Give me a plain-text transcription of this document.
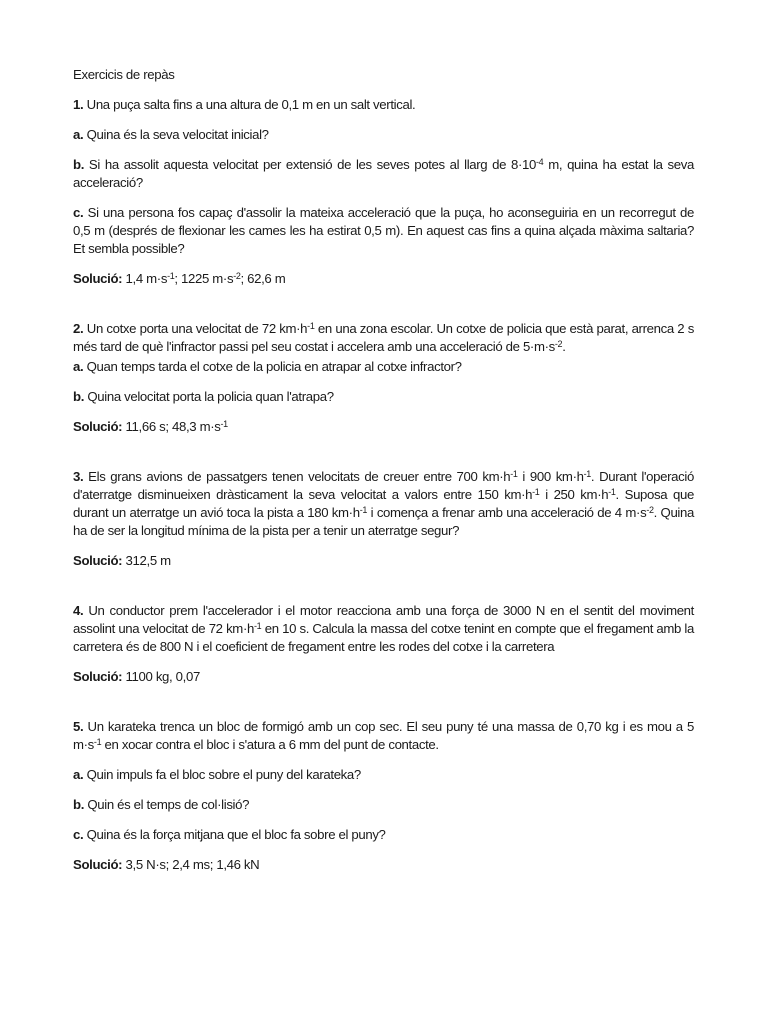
Exercicis de repàs

1. Una puça salta fins a una altura de 0,1 m en un salt vertical.

a. Quina és la seva velocitat inicial?

b. Si ha assolit aquesta velocitat per extensió de les seves potes al llarg de $8\cdot 10^{-4}$ m, quina ha estat la seva acceleració?

c. Si una persona fos capaç d'assolir la mateixa acceleració que la puça, ho aconseguiria en un recorregut de 0,5 m (després de flexionar les cames les ha estirat 0,5 m). En aquest cas fins a quina alçada màxima saltaria? Et sembla possible?

Solució: 1,4 $m\cdot s^{-1}$; 1225 $m\cdot s^{-2}$; 62,6 m

2. Un cotxe porta una velocitat de 72 $km\cdot h^{-1}$ en una zona escolar. Un cotxe de policia que està parat, arrenca 2 s més tard de què l'infractor passi pel seu costat i accelera amb una acceleració de $5\cdot m\cdot s^{-2}$.

a. Quan temps tarda el cotxe de la policia en atrapar al cotxe infractor?

b. Quina velocitat porta la policia quan l'atrapa?

Solució: 11,66 s; 48,3 $m\cdot s^{-1}$

3. Els grans avions de passatgers tenen velocitats de creuer entre 700 $km\cdot h^{-1}$ i 900 $km\cdot h^{-1}$. Durant l'operació d'aterratge disminueixen dràsticament la seva velocitat a valors entre 150 $km\cdot h^{-1}$ i 250 $km\cdot h^{-1}$. Suposa que durant un aterratge un avió toca la pista a 180 $km\cdot h^{-1}$ i comença a frenar amb una acceleració de 4 $m\cdot s^{-2}$. Quina ha de ser la longitud mínima de la pista per a tenir un aterratge segur?

Solució: 312,5 m

4. Un conductor prem l'accelerador i el motor reacciona amb una força de 3000 N en el sentit del moviment assolint una velocitat de 72 $km\cdot h^{-1}$ en 10 s. Calcula la massa del cotxe tenint en compte que el fregament amb la carretera és de 800 N i el coeficient de fregament entre les rodes del cotxe i la carretera

Solució: 1100 kg, 0,07

5. Un karateka trenca un bloc de formigó amb un cop sec. El seu puny té una massa de 0,70 kg i es mou a 5 $m\cdot s^{-1}$ en xocar contra el bloc i s'atura a 6 mm del punt de contacte.

a. Quin impuls fa el bloc sobre el puny del karateka?

b. Quin és el temps de col·lisió?

c. Quina és la força mitjana que el bloc fa sobre el puny?

Solució: 3,5 N·s; 2,4 ms; 1,46 kN
